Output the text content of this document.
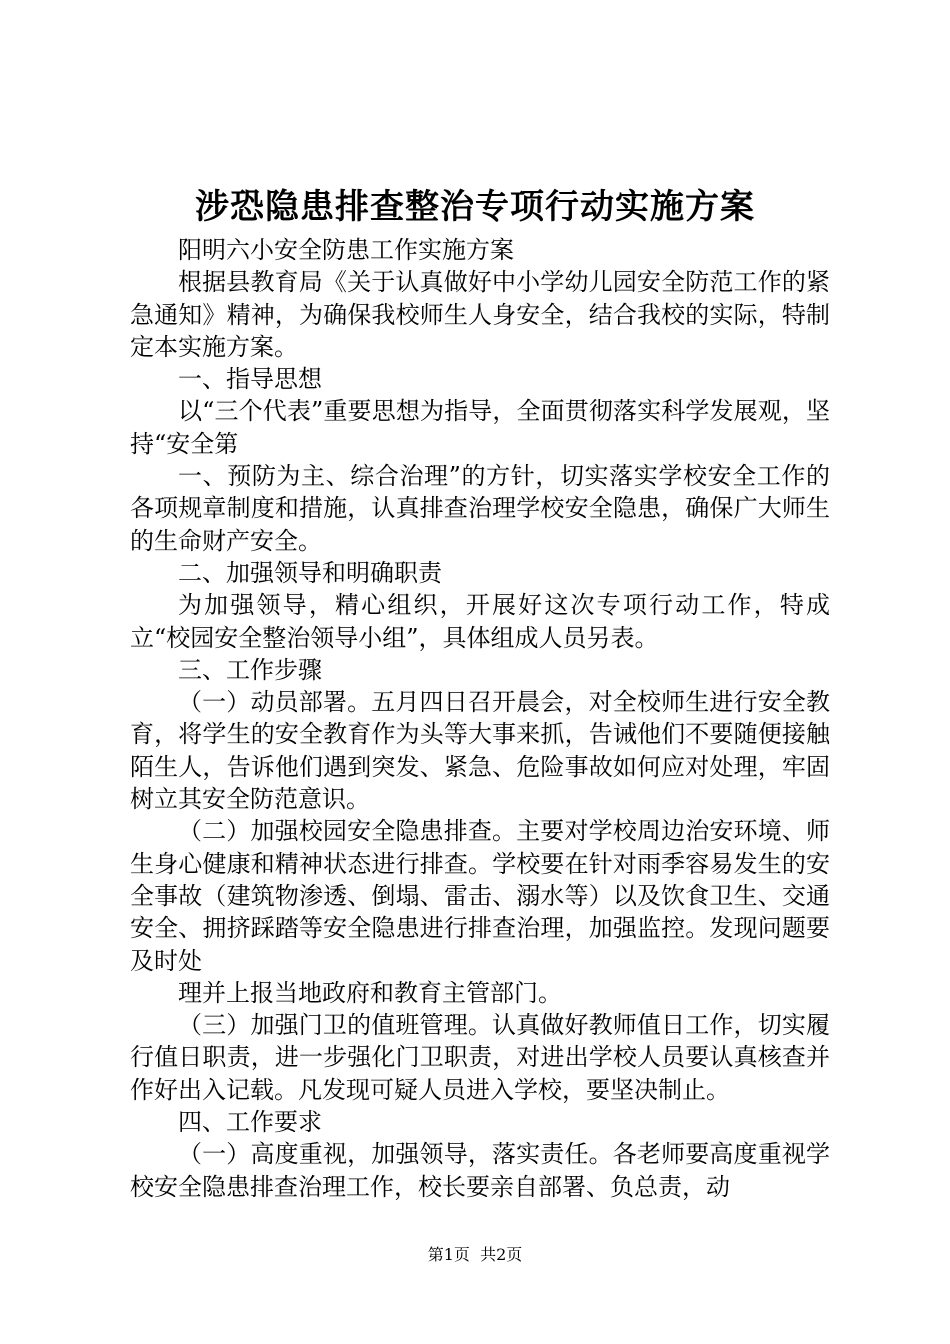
涉恐隐患排查整治专项行动实施方案

阳明六小安全防患工作实施方案

根据县教育局《关于认真做好中小学幼儿园安全防范工作的紧急通知》精神，为确保我校师生人身安全，结合我校的实际，特制定本实施方案。

一、指导思想

以“三个代表”重要思想为指导，全面贯彻落实科学发展观，坚持“安全第

一、预防为主、综合治理”的方针，切实落实学校安全工作的各项规章制度和措施，认真排查治理学校安全隐患，确保广大师生的生命财产安全。

二、加强领导和明确职责

为加强领导，精心组织，开展好这次专项行动工作，特成立“校园安全整治领导小组”，具体组成人员另表。

三、工作步骤

（一）动员部署。五月四日召开晨会，对全校师生进行安全教育，将学生的安全教育作为头等大事来抓，告诫他们不要随便接触陌生人，告诉他们遇到突发、紧急、危险事故如何应对处理，牢固树立其安全防范意识。

（二）加强校园安全隐患排查。主要对学校周边治安环境、师生身心健康和精神状态进行排查。学校要在针对雨季容易发生的安全事故（建筑物渗透、倒塌、雷击、溺水等）以及饮食卫生、交通安全、拥挤踩踏等安全隐患进行排查治理，加强监控。发现问题要及时处

理并上报当地政府和教育主管部门。

（三）加强门卫的值班管理。认真做好教师值日工作，切实履行值日职责，进一步强化门卫职责，对进出学校人员要认真核查并作好出入记载。凡发现可疑人员进入学校，要坚决制止。

四、工作要求

（一）高度重视，加强领导，落实责任。各老师要高度重视学校安全隐患排查治理工作，校长要亲自部署、负总责，动

第1页  共2页
